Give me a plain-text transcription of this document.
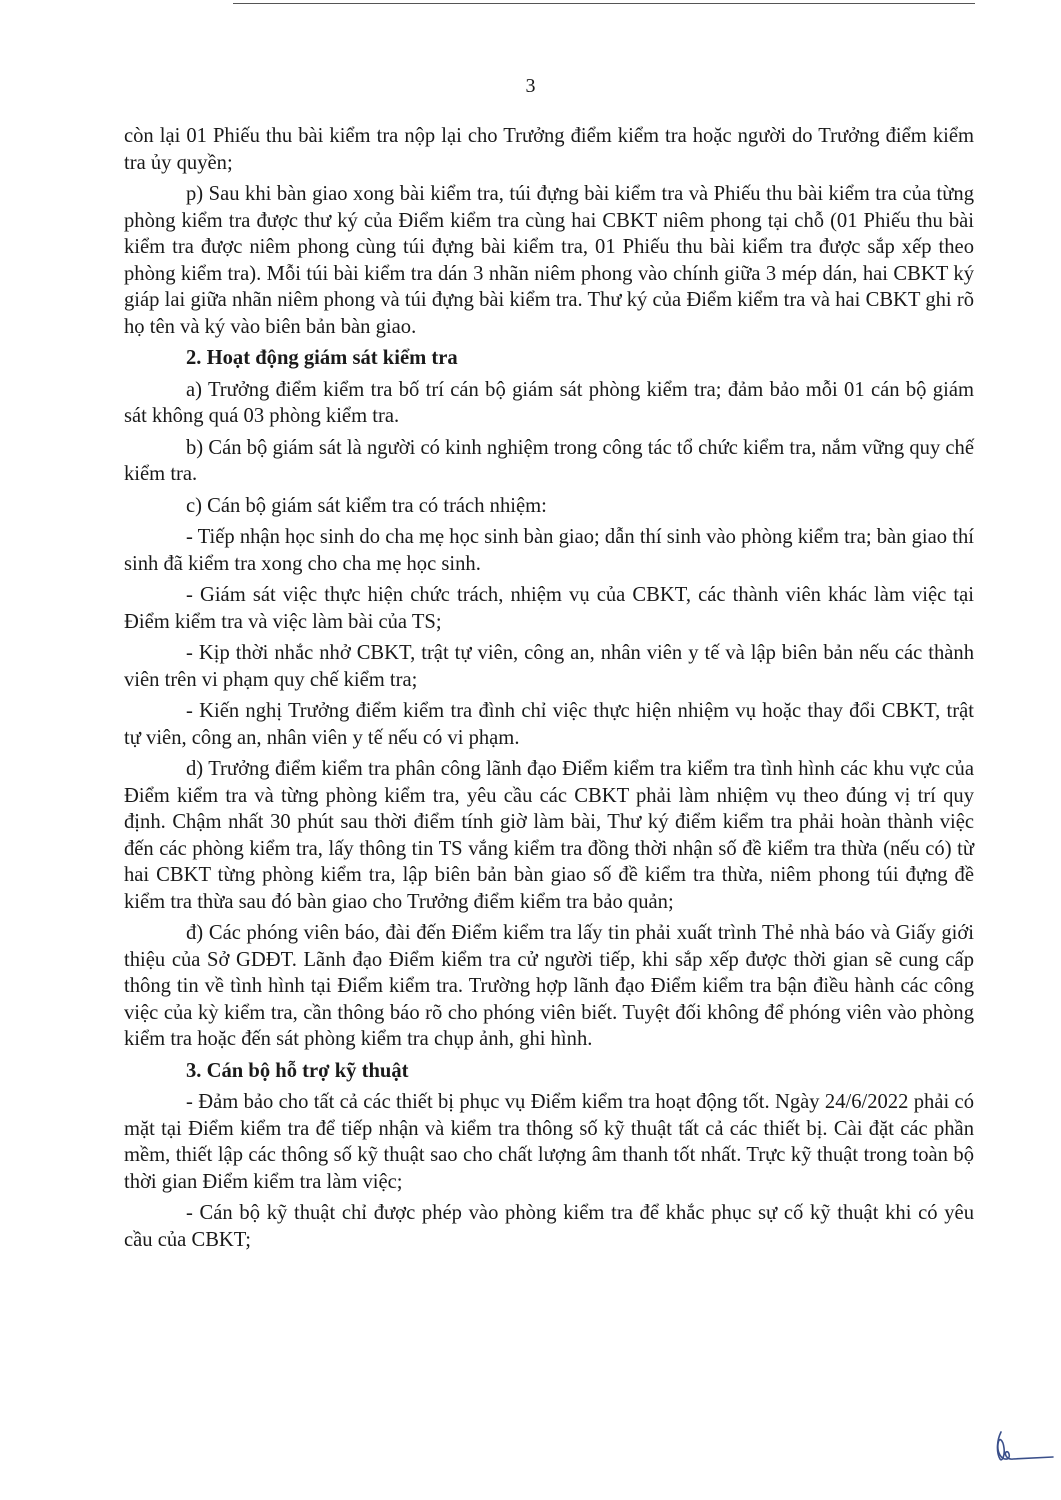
3

còn lại 01 Phiếu thu bài kiểm tra nộp lại cho Trưởng điểm kiểm tra hoặc người do Trưởng điểm kiểm tra ủy quyền;

p) Sau khi bàn giao xong bài kiểm tra, túi đựng bài kiểm tra và Phiếu thu bài kiểm tra của từng phòng kiểm tra được thư ký của Điểm kiểm tra cùng hai CBKT niêm phong tại chỗ (01 Phiếu thu bài kiểm tra được niêm phong cùng túi đựng bài kiểm tra, 01 Phiếu thu bài kiểm tra được sắp xếp theo phòng kiểm tra). Mỗi túi bài kiểm tra dán 3 nhãn niêm phong vào chính giữa 3 mép dán, hai CBKT ký giáp lai giữa nhãn niêm phong và túi đựng bài kiểm tra. Thư ký của Điểm kiểm tra và hai CBKT ghi rõ họ tên và ký vào biên bản bàn giao.

2. Hoạt động giám sát kiểm tra

a) Trưởng điểm kiểm tra bố trí cán bộ giám sát phòng kiểm tra; đảm bảo mỗi 01 cán bộ giám sát không quá 03 phòng kiểm tra.

b) Cán bộ giám sát là người có kinh nghiệm trong công tác tổ chức kiểm tra, nắm vững quy chế kiểm tra.

c) Cán bộ giám sát kiểm tra có trách nhiệm:

- Tiếp nhận học sinh do cha mẹ học sinh bàn giao; dẫn thí sinh vào phòng kiểm tra; bàn giao thí sinh đã kiểm tra xong cho cha mẹ học sinh.

- Giám sát việc thực hiện chức trách, nhiệm vụ của CBKT, các thành viên khác làm việc tại Điểm kiểm tra và việc làm bài của TS;

- Kịp thời nhắc nhở CBKT, trật tự viên, công an, nhân viên y tế và lập biên bản nếu các thành viên trên vi phạm quy chế kiểm tra;

- Kiến nghị Trưởng điểm kiểm tra đình chỉ việc thực hiện nhiệm vụ hoặc thay đổi CBKT, trật tự viên, công an, nhân viên y tế nếu có vi phạm.

d) Trưởng điểm kiểm tra phân công lãnh đạo Điểm kiểm tra kiểm tra tình hình các khu vực của Điểm kiểm tra và từng phòng kiểm tra, yêu cầu các CBKT phải làm nhiệm vụ theo đúng vị trí quy định. Chậm nhất 30 phút sau thời điểm tính giờ làm bài, Thư ký điểm kiểm tra phải hoàn thành việc đến các phòng kiểm tra, lấy thông tin TS vắng kiểm tra đồng thời nhận số đề kiểm tra thừa (nếu có) từ hai CBKT từng phòng kiểm tra, lập biên bản bàn giao số đề kiểm tra thừa, niêm phong túi đựng đề kiểm tra thừa sau đó bàn giao cho Trưởng điểm kiểm tra bảo quản;

đ) Các phóng viên báo, đài đến Điểm kiểm tra lấy tin phải xuất trình Thẻ nhà báo và Giấy giới thiệu của Sở GDĐT. Lãnh đạo Điểm kiểm tra cử người tiếp, khi sắp xếp được thời gian sẽ cung cấp thông tin về tình hình tại Điểm kiểm tra. Trường hợp lãnh đạo Điểm kiểm tra bận điều hành các công việc của kỳ kiểm tra, cần thông báo rõ cho phóng viên biết. Tuyệt đối không để phóng viên vào phòng kiểm tra hoặc đến sát phòng kiểm tra chụp ảnh, ghi hình.

3. Cán bộ hỗ trợ kỹ thuật

- Đảm bảo cho tất cả các thiết bị phục vụ Điểm kiểm tra hoạt động tốt. Ngày 24/6/2022 phải có mặt tại Điểm kiểm tra để tiếp nhận và kiểm tra thông số kỹ thuật tất cả các thiết bị. Cài đặt các phần mềm, thiết lập các thông số kỹ thuật sao cho chất lượng âm thanh tốt nhất. Trực kỹ thuật trong toàn bộ thời gian Điểm kiểm tra làm việc;

- Cán bộ kỹ thuật chỉ được phép vào phòng kiểm tra để khắc phục sự cố kỹ thuật khi có yêu cầu của CBKT;
